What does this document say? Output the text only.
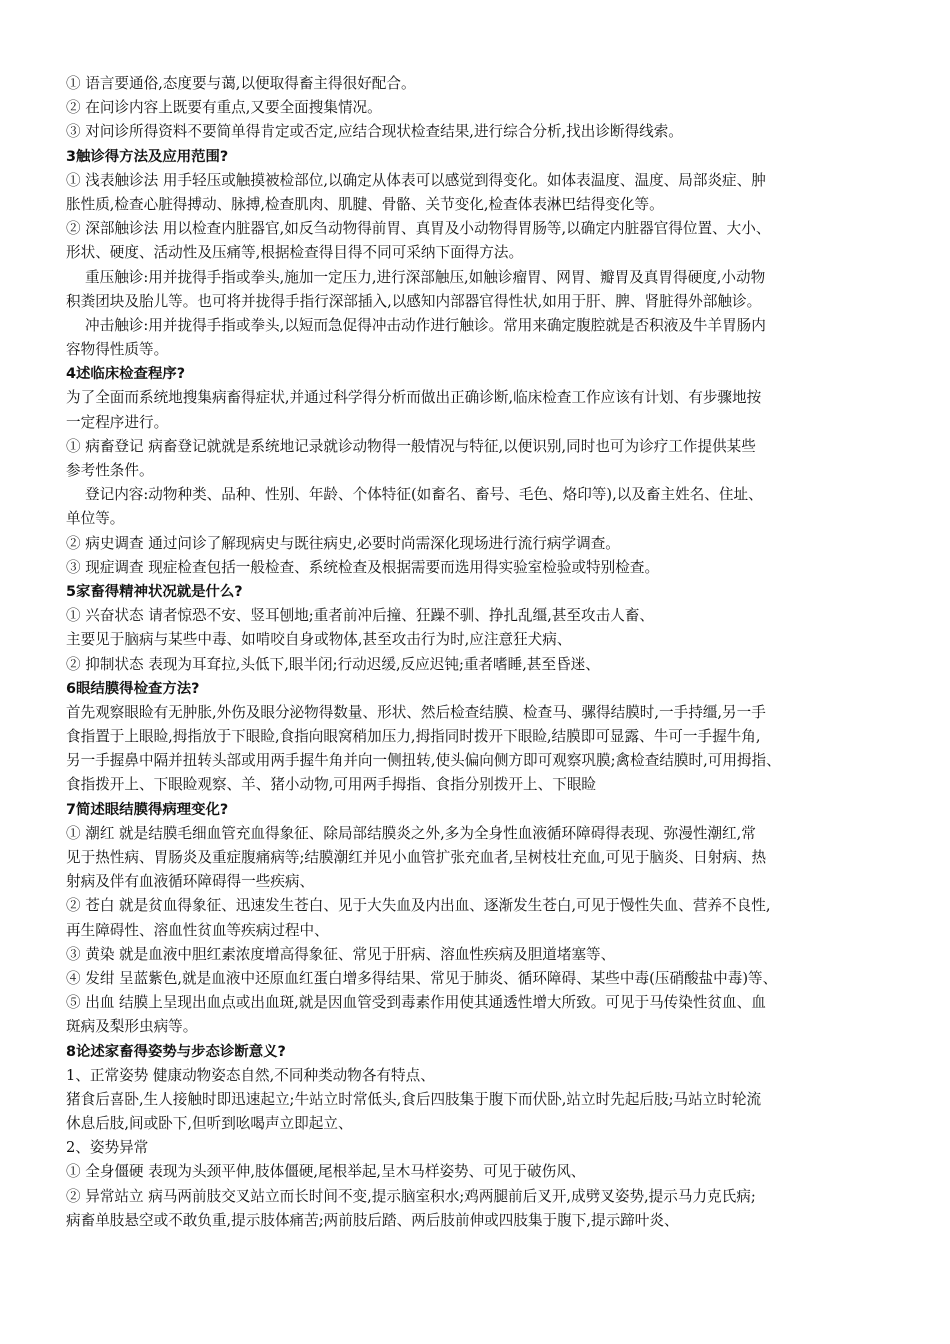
① 语言要通俗,态度要与蔼,以便取得畜主得很好配合。
② 在问诊内容上既要有重点,又要全面搜集情况。
③ 对问诊所得资料不要简单得肯定或否定,应结合现状检查结果,进行综合分析,找出诊断得线索。
3触诊得方法及应用范围?
① 浅表触诊法 用手轻压或触摸被检部位,以确定从体表可以感觉到得变化。如体表温度、温度、局部炎症、肿
胀性质,检查心脏得搏动、脉搏,检查肌肉、肌腱、骨骼、关节变化,检查体表淋巴结得变化等。
② 深部触诊法 用以检查内脏器官,如反刍动物得前胃、真胃及小动物得胃肠等,以确定内脏器官得位置、大小、
形状、硬度、活动性及压痛等,根据检查得目得不同可采纳下面得方法。
重压触诊:用并拢得手指或拳头,施加一定压力,进行深部触压,如触诊瘤胃、网胃、瓣胃及真胃得硬度,小动物
积粪团块及胎儿等。也可将并拢得手指行深部插入,以感知内部器官得性状,如用于肝、脾、肾脏得外部触诊。
冲击触诊:用并拢得手指或拳头,以短而急促得冲击动作进行触诊。常用来确定腹腔就是否积液及牛羊胃肠内
容物得性质等。
4述临床检查程序?
为了全面而系统地搜集病畜得症状,并通过科学得分析而做出正确诊断,临床检查工作应该有计划、有步骤地按
一定程序进行。
① 病畜登记 病畜登记就就是系统地记录就诊动物得一般情况与特征,以便识别,同时也可为诊疗工作提供某些
参考性条件。
登记内容:动物种类、品种、性别、年龄、个体特征(如畜名、畜号、毛色、烙印等),以及畜主姓名、住址、
单位等。
② 病史调查 通过问诊了解现病史与既往病史,必要时尚需深化现场进行流行病学调查。
③ 现症调查 现症检查包括一般检查、系统检查及根据需要而选用得实验室检验或特别检查。
5家畜得精神状况就是什么?
① 兴奋状态 请者惊恐不安、竖耳刨地;重者前冲后撞、狂躁不驯、挣扎乱缰,甚至攻击人畜、
主要见于脑病与某些中毒、如啃咬自身或物体,甚至攻击行为时,应注意狂犬病、
② 抑制状态 表现为耳耷拉,头低下,眼半闭;行动迟缓,反应迟钝;重者嗜睡,甚至昏迷、
6眼结膜得检查方法?
首先观察眼睑有无肿胀,外伤及眼分泌物得数量、形状、然后检查结膜、检查马、骡得结膜时,一手持缰,另一手
食指置于上眼睑,拇指放于下眼睑,食指向眼窝稍加压力,拇指同时拨开下眼睑,结膜即可显露、牛可一手握牛角,
另一手握鼻中隔并扭转头部或用两手握牛角并向一侧扭转,使头偏向侧方即可观察巩膜;禽检查结膜时,可用拇指、
食指拨开上、下眼睑观察、羊、猪小动物,可用两手拇指、食指分别拨开上、下眼睑
7简述眼结膜得病理变化?
① 潮红 就是结膜毛细血管充血得象征、除局部结膜炎之外,多为全身性血液循环障碍得表现、弥漫性潮红,常
见于热性病、胃肠炎及重症腹痛病等;结膜潮红并见小血管扩张充血者,呈树枝壮充血,可见于脑炎、日射病、热
射病及伴有血液循环障碍得一些疾病、
② 苍白 就是贫血得象征、迅速发生苍白、见于大失血及内出血、逐渐发生苍白,可见于慢性失血、营养不良性,
再生障碍性、溶血性贫血等疾病过程中、
③ 黄染 就是血液中胆红素浓度增高得象征、常见于肝病、溶血性疾病及胆道堵塞等、
④ 发绀 呈蓝紫色,就是血液中还原血红蛋白增多得结果、常见于肺炎、循环障碍、某些中毒(压硝酸盐中毒)等、
⑤ 出血 结膜上呈现出血点或出血斑,就是因血管受到毒素作用使其通透性增大所致。可见于马传染性贫血、血
斑病及梨形虫病等。
8论述家畜得姿势与步态诊断意义?
1、正常姿势 健康动物姿态自然,不同种类动物各有特点、
猪食后喜卧,生人接触时即迅速起立;牛站立时常低头,食后四肢集于腹下而伏卧,站立时先起后肢;马站立时轮流
休息后肢,间或卧下,但听到吆喝声立即起立、
2、姿势异常
① 全身僵硬 表现为头颈平伸,肢体僵硬,尾根举起,呈木马样姿势、可见于破伤风、
② 异常站立 病马两前肢交叉站立而长时间不变,提示脑室积水;鸡两腿前后叉开,成劈叉姿势,提示马力克氏病;
病畜单肢悬空或不敢负重,提示肢体痛苦;两前肢后踏、两后肢前伸或四肢集于腹下,提示蹄叶炎、
